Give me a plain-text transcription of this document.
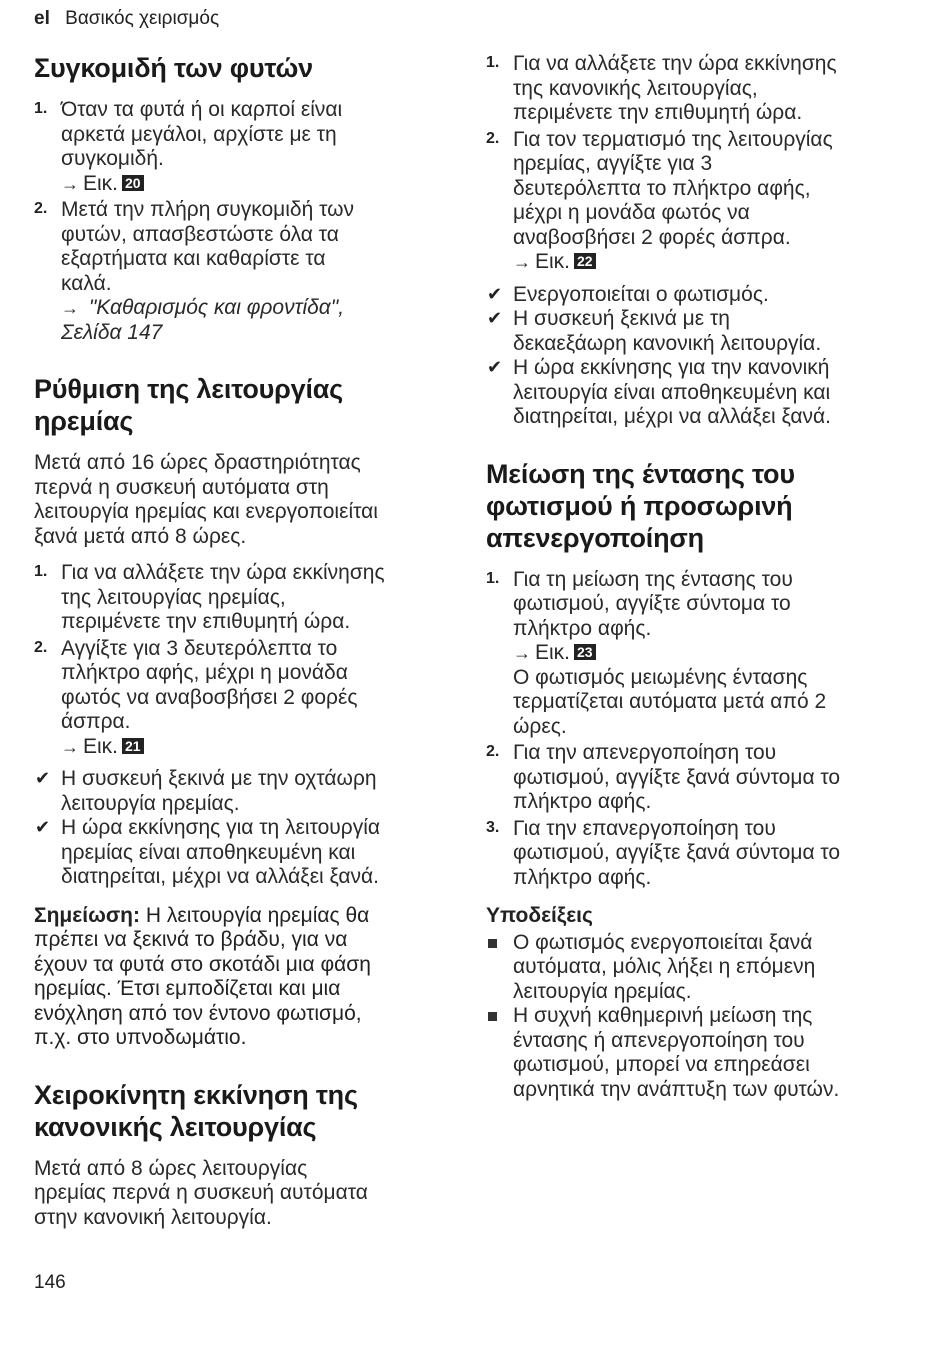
el Βασικός χειρισμός
Συγκομιδή των φυτών
1. Όταν τα φυτά ή οι καρποί είναι
αρκετά μεγάλοι, αρχίστε με τη
συγκομιδή.
→ Εικ. 20
2. Μετά την πλήρη συγκομιδή των
φυτών, απασβεστώστε όλα τα
εξαρτήματα και καθαρίστε τα
καλά.
→ "Καθαρισμός και φροντίδα",
Σελίδα 147
Ρύθμιση της λειτουργίας
ηρεμίας

Μετά από 16 ώρες δραστηριότητας
περνά η συσκευή αυτόματα στη
λειτουργία ηρεμίας και ενεργοποιείται
ξανά μετά από 8 ώρες.

1. Για να αλλάξετε την ώρα εκκίνησης
της λειτουργίας ηρεμίας,
περιμένετε την επιθυμητή ώρα.
2. Αγγίξτε για 3 δευτερόλεπτα το
πλήκτρο αφής, μέχρι η μονάδα
φωτός να αναβοσβήσει 2 φορές
άσπρα.
→ Εικ. 21
✔ Η συσκευή ξεκινά με την οχτάωρη
λειτουργία ηρεμίας.
✔ Η ώρα εκκίνησης για τη λειτουργία
ηρεμίας είναι αποθηκευμένη και
διατηρείται, μέχρι να αλλάξει ξανά.
Σημείωση: Η λειτουργία ηρεμίας θα
πρέπει να ξεκινά το βράδυ, για να
έχουν τα φυτά στο σκοτάδι μια φάση
ηρεμίας. Έτσι εμποδίζεται και μια
ενόχληση από τον έντονο φωτισμό,
π.χ. στο υπνοδωμάτιο.
Χειροκίνητη εκκίνηση της
κανονικής λειτουργίας

Μετά από 8 ώρες λειτουργίας
ηρεμίας περνά η συσκευή αυτόματα
στην κανονική λειτουργία.

1. Για να αλλάξετε την ώρα εκκίνησης
της κανονικής λειτουργίας,
περιμένετε την επιθυμητή ώρα.
2. Για τον τερματισμό της λειτουργίας
ηρεμίας, αγγίξτε για 3
δευτερόλεπτα το πλήκτρο αφής,
μέχρι η μονάδα φωτός να
αναβοσβήσει 2 φορές άσπρα.
→ Εικ. 22
✔ Ενεργοποιείται ο φωτισμός.
✔ Η συσκευή ξεκινά με τη
δεκαεξάωρη κανονική λειτουργία.
✔ Η ώρα εκκίνησης για την κανονική
λειτουργία είναι αποθηκευμένη και
διατηρείται, μέχρι να αλλάξει ξανά.
Μείωση της έντασης του
φωτισμού ή προσωρινή
απενεργοποίηση
1. Για τη μείωση της έντασης του
φωτισμού, αγγίξτε σύντομα το
πλήκτρο αφής.
→ Εικ. 23
Ο φωτισμός μειωμένης έντασης
τερματίζεται αυτόματα μετά από 2
ώρες.
2. Για την απενεργοποίηση του
φωτισμού, αγγίξτε ξανά σύντομα το
πλήκτρο αφής.
3. Για την επανεργοποίηση του
φωτισμού, αγγίξτε ξανά σύντομα το
πλήκτρο αφής.
Υποδείξεις
Ο φωτισμός ενεργοποιείται ξανά
αυτόματα, μόλις λήξει η επόμενη
λειτουργία ηρεμίας.
Η συχνή καθημερινή μείωση της
έντασης ή απενεργοποίηση του
φωτισμού, μπορεί να επηρεάσει
αρνητικά την ανάπτυξη των φυτών.
146
